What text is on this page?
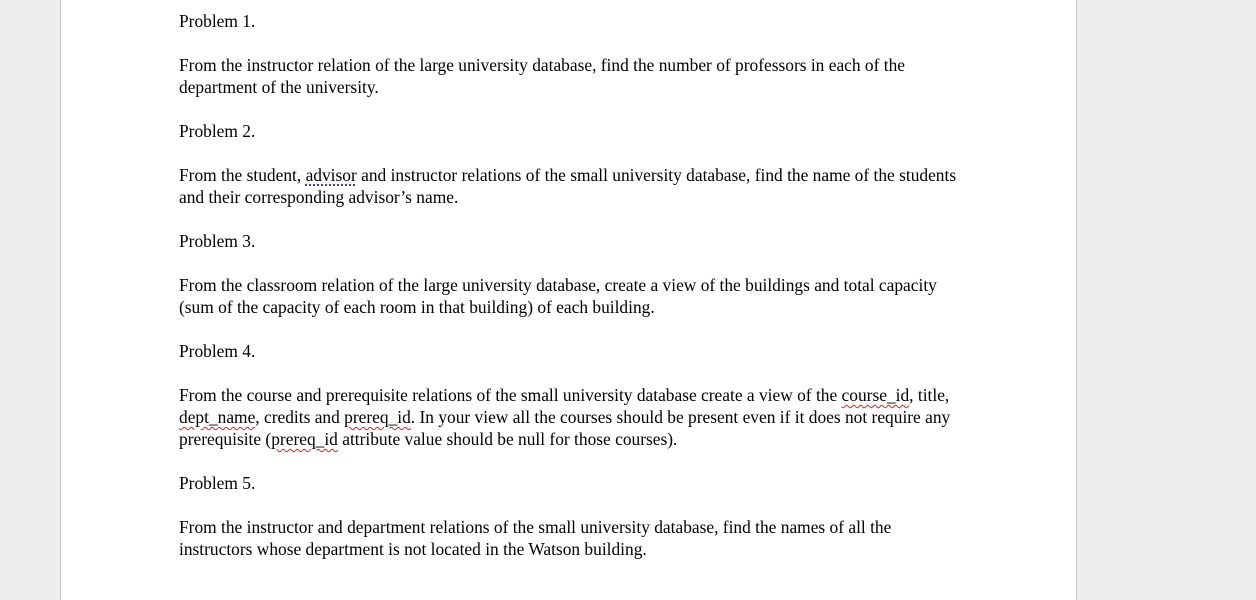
Problem 1.

From the instructor relation of the large university database, find the number of professors in each of the department of the university.

Problem 2.

From the student, advisor and instructor relations of the small university database, find the name of the students and their corresponding advisor’s name.

Problem 3.

From the classroom relation of the large university database, create a view of the buildings and total capacity (sum of the capacity of each room in that building) of each building.

Problem 4.

From the course and prerequisite relations of the small university database create a view of the course_id, title, dept_name, credits and prereq_id. In your view all the courses should be present even if it does not require any prerequisite (prereq_id attribute value should be null for those courses).

Problem 5.

From the instructor and department relations of the small university database, find the names of all the instructors whose department is not located in the Watson building.
